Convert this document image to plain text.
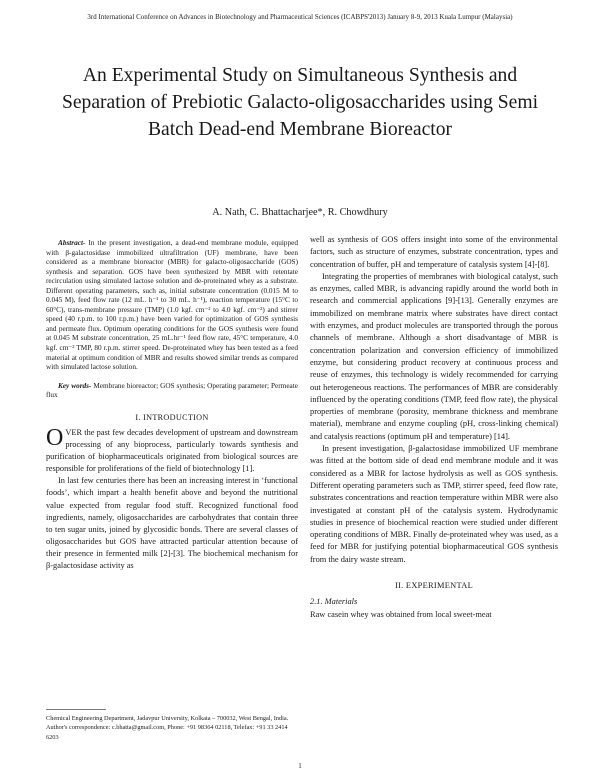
3rd International Conference on Advances in Biotechnology and Pharmaceutical Sciences (ICABPS'2013) January 8-9, 2013 Kuala Lumpur (Malaysia)
An Experimental Study on Simultaneous Synthesis and Separation of Prebiotic Galacto-oligosaccharides using Semi Batch Dead-end Membrane Bioreactor
A. Nath, C. Bhattacharjee*, R. Chowdhury
Abstract- In the present investigation, a dead-end membrane module, equipped with β-galactosidase immobilized ultrafiltration (UF) membrane, have been considered as a membrane bioreactor (MBR) for galacto-oligosaccharide (GOS) synthesis and separation. GOS have been synthesized by MBR with retentate recirculation using simulated lactose solution and de-proteinated whey as a substrate. Different operating parameters, such as, initial substrate concentration (0.015 M to 0.045 M), feed flow rate (12 mL. h⁻¹ to 30 mL. h⁻¹), reaction temperature (15°C to 60°C), trans-membrane pressure (TMP) (1.0 kgf. cm⁻² to 4.0 kgf. cm⁻²) and stirrer speed (40 r.p.m. to 100 r.p.m.) have been varied for optimization of GOS synthesis and permeate flux. Optimum operating conditions for the GOS synthesis were found at 0.045 M substrate concentration, 25 mL.hr⁻¹ feed flow rate, 45°C temperature, 4.0 kgf. cm⁻² TMP, 80 r.p.m. stirrer speed. De-proteinated whey has been tested as a feed material at optimum condition of MBR and results showed similar trends as compared with simulated lactose solution.
Key words- Membrane bioreactor; GOS synthesis; Operating parameter; Permeate flux
I. INTRODUCTION

OVER the past few decades development of upstream and downstream processing of any bioprocess, particularly towards synthesis and purification of biopharmaceuticals originated from biological sources are responsible for proliferations of the field of biotechnology [1].

In last few centuries there has been an increasing interest in ‘functional foods’, which impart a health benefit above and beyond the nutritional value expected from regular food stuff. Recognized functional food ingredients, namely, oligosaccharides are carbohydrates that contain three to ten sugar units, joined by glycosidic bonds. There are several classes of oligosaccharides but GOS have attracted particular attention because of their presence in fermented milk [2]-[3]. The biochemical mechanism for β-galactosidase activity as

Chemical Engineering Department, Jadavpur University, Kolkata – 700032, West Bengal, India.
Author's correspondence: c.bhatta@gmail.com, Phone: +91 98364 02118, Telefax: +91 33 2414 6203

well as synthesis of GOS offers insight into some of the environmental factors, such as structure of enzymes, substrate concentration, types and concentration of buffer, pH and temperature of catalysis system [4]-[8].

Integrating the properties of membranes with biological catalyst, such as enzymes, called MBR, is advancing rapidly around the world both in research and commercial applications [9]-[13]. Generally enzymes are immobilized on membrane matrix where substrates have direct contact with enzymes, and product molecules are transported through the porous channels of membrane. Although a short disadvantage of MBR is concentration polarization and conversion efficiency of immobilized enzyme, but considering product recovery at continuous process and reuse of enzymes, this technology is widely recommended for carrying out heterogeneous reactions. The performances of MBR are considerably influenced by the operating conditions (TMP, feed flow rate), the physical properties of membrane (porosity, membrane thickness and membrane material), membrane and enzyme coupling (pH, cross-linking chemical) and catalysis reactions (optimum pH and temperature) [14].

In present investigation, β-galactosidase immobilized UF membrane was fitted at the bottom side of dead end membrane module and it was considered as a MBR for lactose hydrolysis as well as GOS synthesis. Different operating parameters such as TMP, stirrer speed, feed flow rate, substrates concentrations and reaction temperature within MBR were also investigated at constant pH of the catalysis system. Hydrodynamic studies in presence of biochemical reaction were studied under different operating conditions of MBR. Finally de-proteinated whey was used, as a feed for MBR for justifying potential biopharmaceutical GOS synthesis from the dairy waste stream.

II. EXPERIMENTAL

2.1. Materials

Raw casein whey was obtained from local sweet-meat

1
